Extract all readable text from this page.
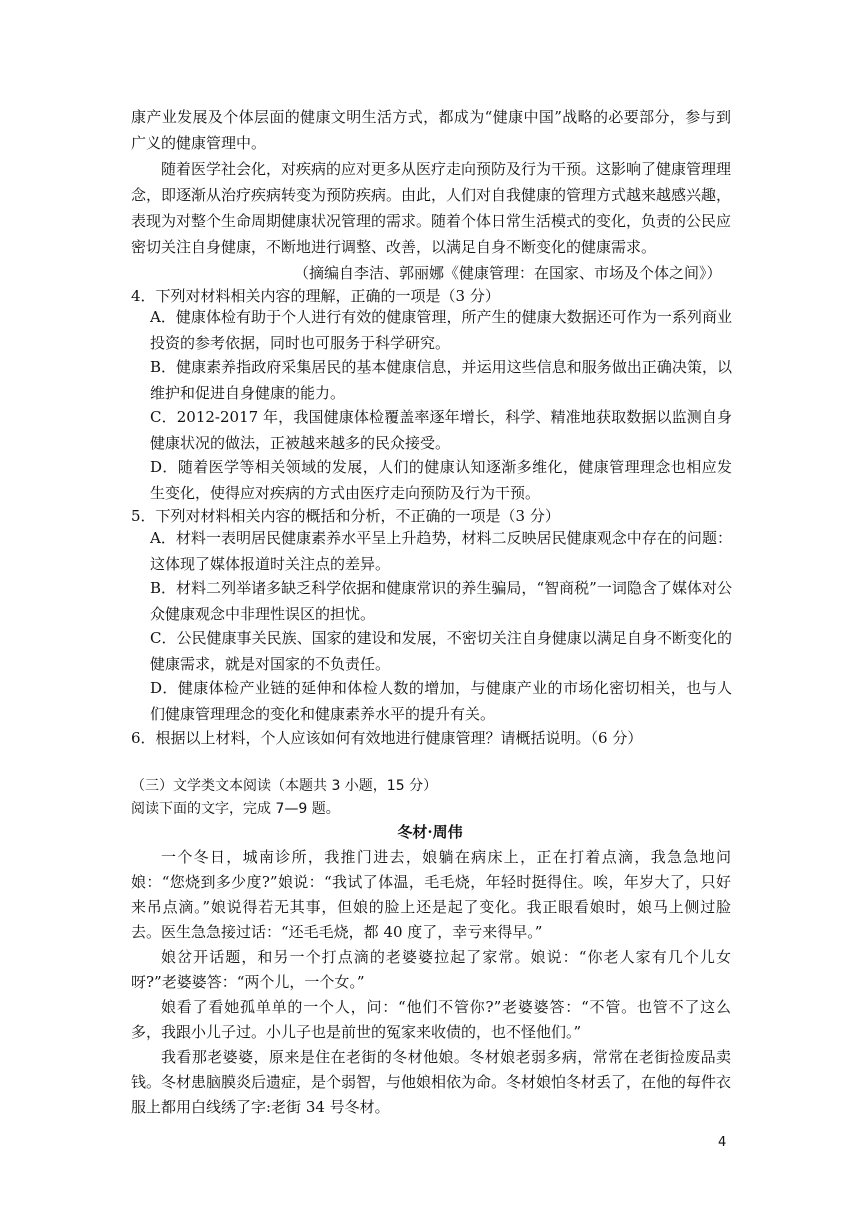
康产业发展及个体层面的健康文明生活方式，都成为“健康中国”战略的必要部分，参与到广义的健康管理中。

随着医学社会化，对疾病的应对更多从医疗走向预防及行为干预。这影响了健康管理理念，即逐渐从治疗疾病转变为预防疾病。由此，人们对自我健康的管理方式越来越感兴趣，表现为对整个生命周期健康状况管理的需求。随着个体日常生活模式的变化，负责的公民应密切关注自身健康，不断地进行调整、改善，以满足自身不断变化的健康需求。

（摘编自李洁、郭丽娜《健康管理：在国家、市场及个体之间》）

4．下列对材料相关内容的理解，正确的一项是（3 分）

A．健康体检有助于个人进行有效的健康管理，所产生的健康大数据还可作为一系列商业投资的参考依据，同时也可服务于科学研究。

B．健康素养指政府采集居民的基本健康信息，并运用这些信息和服务做出正确决策，以维护和促进自身健康的能力。

C．2012-2017 年，我国健康体检覆盖率逐年增长，科学、精准地获取数据以监测自身健康状况的做法，正被越来越多的民众接受。

D．随着医学等相关领域的发展，人们的健康认知逐渐多维化，健康管理理念也相应发生变化，使得应对疾病的方式由医疗走向预防及行为干预。

5．下列对材料相关内容的概括和分析，不正确的一项是（3 分）

A．材料一表明居民健康素养水平呈上升趋势，材料二反映居民健康观念中存在的问题：这体现了媒体报道时关注点的差异。

B．材料二列举诸多缺乏科学依据和健康常识的养生骗局，“智商税”一词隐含了媒体对公众健康观念中非理性误区的担忧。

C．公民健康事关民族、国家的建设和发展，不密切关注自身健康以满足自身不断变化的健康需求，就是对国家的不负责任。

D．健康体检产业链的延伸和体检人数的增加，与健康产业的市场化密切相关，也与人们健康管理理念的变化和健康素养水平的提升有关。

6．根据以上材料，个人应该如何有效地进行健康管理？请概括说明。（6 分）

（三）文学类文本阅读（本题共 3 小题，15 分）

阅读下面的文字，完成 7—9 题。

冬材·周伟

一个冬日，城南诊所，我推门进去，娘躺在病床上，正在打着点滴，我急急地问娘：“您烧到多少度?”娘说：“我试了体温，毛毛烧，年轻时挺得住。唉，年岁大了，只好来吊点滴。”娘说得若无其事，但娘的脸上还是起了变化。我正眼看娘时，娘马上侧过脸去。医生急急接过话：“还毛毛烧，都 40 度了，幸亏来得早。”

娘岔开话题，和另一个打点滴的老婆婆拉起了家常。娘说：“你老人家有几个儿女呀?”老婆婆答：“两个儿，一个女。”

娘看了看她孤单单的一个人，问：“他们不管你?”老婆婆答：“不管。也管不了这么多，我跟小儿子过。小儿子也是前世的冤家来收债的，也不怪他们。”

我看那老婆婆，原来是住在老街的冬材他娘。冬材娘老弱多病，常常在老街捡废品卖钱。冬材患脑膜炎后遗症，是个弱智，与他娘相依为命。冬材娘怕冬材丢了，在他的每件衣服上都用白线绣了字:老街 34 号冬材。

4
